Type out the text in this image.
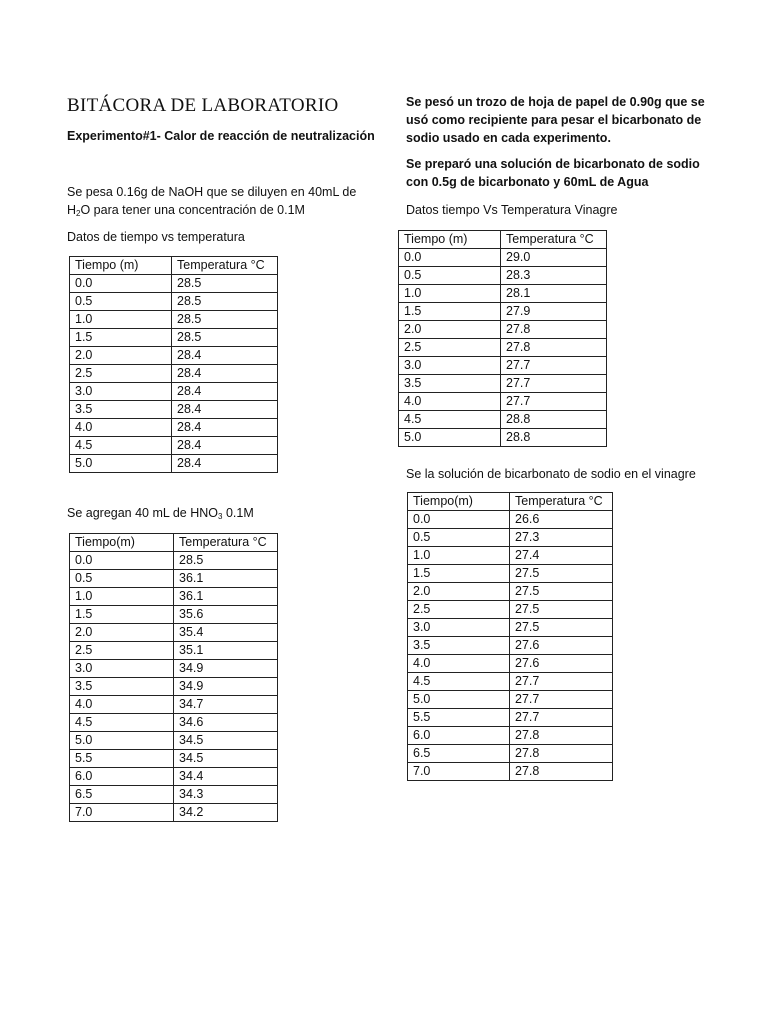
BITÁCORA DE LABORATORIO
Experimento#1- Calor de reacción de neutralización
Se pesa 0.16g de NaOH que se diluyen en 40mL de
$H_2O$ para tener una concentración de 0.1M
Datos de tiempo vs temperatura
Tiempo (m)	Temperatura °C
0.0	28.5
0.5	28.5
1.0	28.5
1.5	28.5
2.0	28.4
2.5	28.4
3.0	28.4
3.5	28.4
4.0	28.4
4.5	28.4
5.0	28.4
Se agregan 40 mL de $HNO_3$ 0.1M
Tiempo(m)	Temperatura °C
0.0	28.5
0.5	36.1
1.0	36.1
1.5	35.6
2.0	35.4
2.5	35.1
3.0	34.9
3.5	34.9
4.0	34.7
4.5	34.6
5.0	34.5
5.5	34.5
6.0	34.4
6.5	34.3
7.0	34.2
Se pesó un trozo de hoja de papel de 0.90g que se
usó como recipiente para pesar el bicarbonato de
sodio usado en cada experimento.
Se preparó una solución de bicarbonato de sodio
con 0.5g de bicarbonato y 60mL de Agua
Datos tiempo Vs Temperatura Vinagre
Tiempo (m)	Temperatura °C
0.0	29.0
0.5	28.3
1.0	28.1
1.5	27.9
2.0	27.8
2.5	27.8
3.0	27.7
3.5	27.7
4.0	27.7
4.5	28.8
5.0	28.8
Se la solución de bicarbonato de sodio en el vinagre
Tiempo(m)	Temperatura °C
0.0	26.6
0.5	27.3
1.0	27.4
1.5	27.5
2.0	27.5
2.5	27.5
3.0	27.5
3.5	27.6
4.0	27.6
4.5	27.7
5.0	27.7
5.5	27.7
6.0	27.8
6.5	27.8
7.0	27.8
